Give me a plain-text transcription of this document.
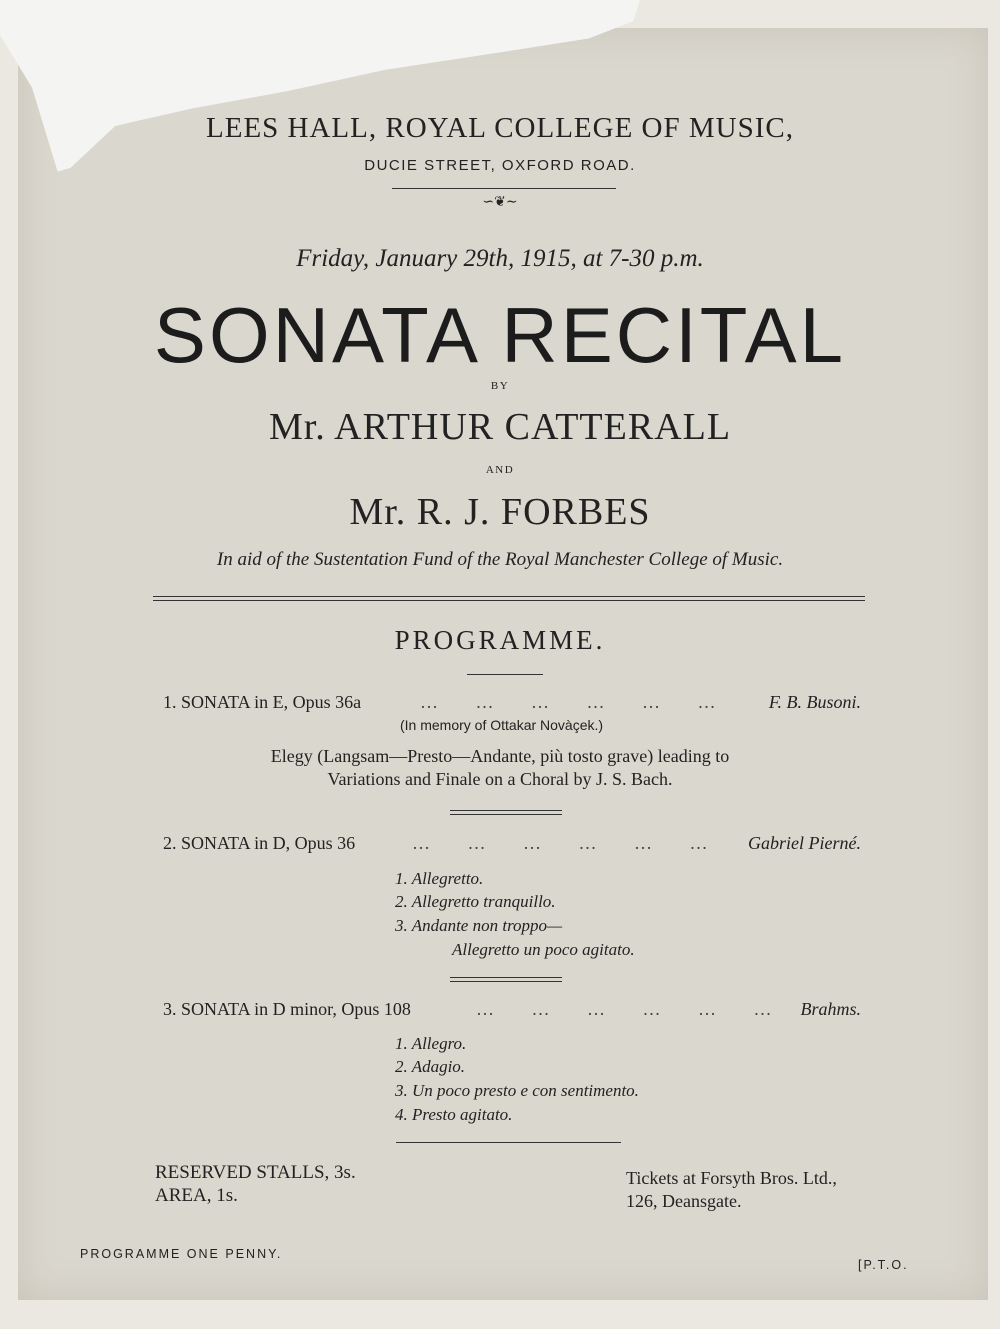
LEES HALL, ROYAL COLLEGE OF MUSIC,
DUCIE STREET, OXFORD ROAD.
∽❦∼
Friday, January 29th, 1915, at 7-30 p.m.
SONATA RECITAL
BY
Mr. ARTHUR CATTERALL
AND
Mr. R. J. FORBES
In aid of the Sustentation Fund of the Royal Manchester College of Music.
PROGRAMME.
1. SONATA in E, Opus 36a	…   …   …   …   …   …	F. B. Busoni.
(In memory of Ottakar Novàçek.)
Elegy (Langsam—Presto—Andante, più tosto grave) leading to
Variations and Finale on a Choral by J. S. Bach.
2. SONATA in D, Opus 36	…   …   …   …   …   … Gabriel Pierné.
1. Allegretto.
2. Allegretto tranquillo.
3. Andante non troppo—
Allegretto un poco agitato.
3. SONATA in D minor, Opus 108	…   …   …   …   …   … Brahms.
1. Allegro.
2. Adagio.
3. Un poco presto e con sentimento.
4. Presto agitato.
RESERVED STALLS, 3s.
AREA, 1s.
Tickets at Forsyth Bros. Ltd.,
126, Deansgate.
PROGRAMME ONE PENNY.
[P.T.O.
